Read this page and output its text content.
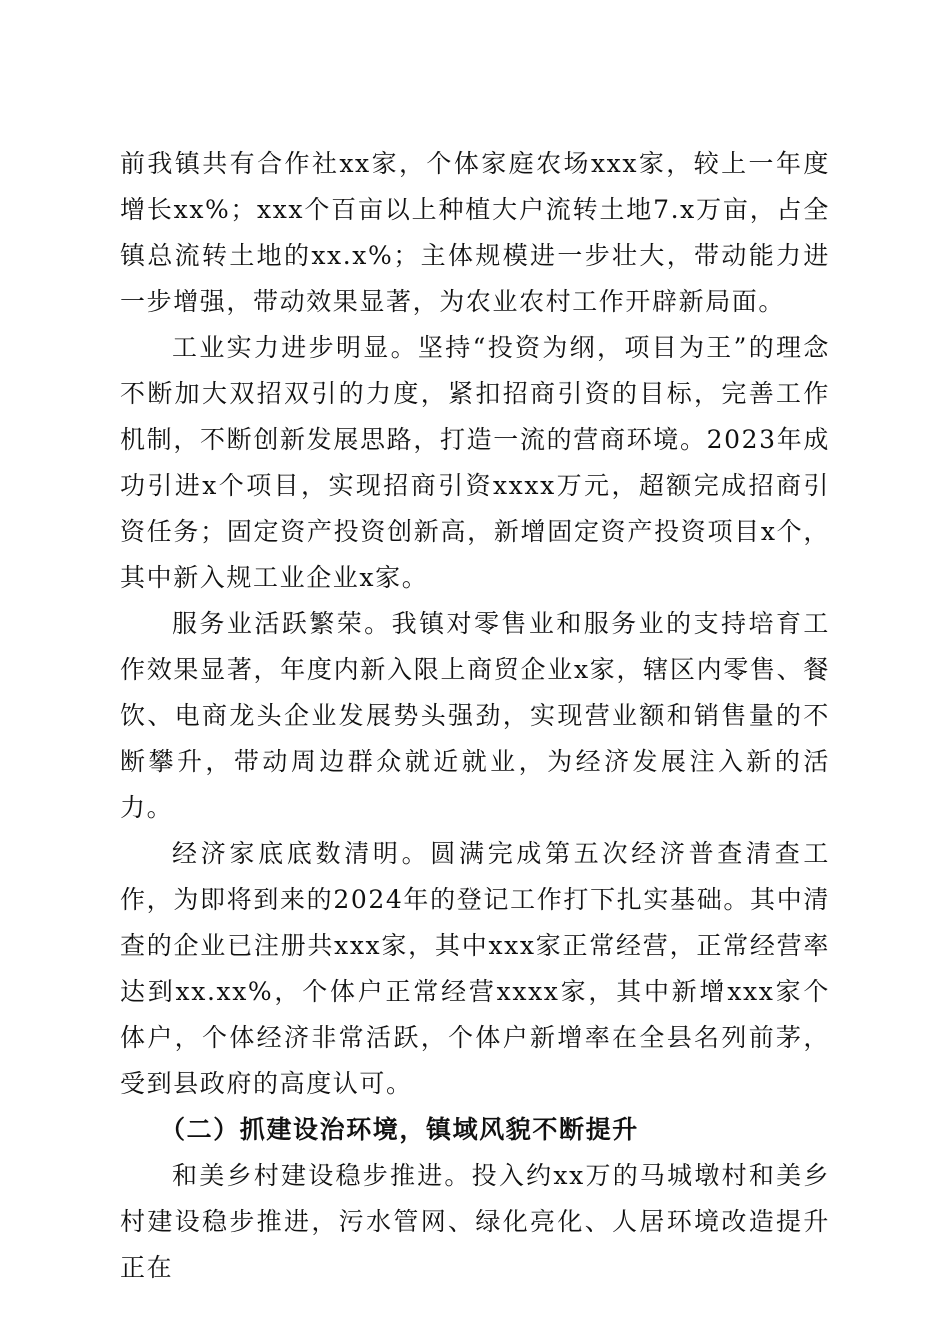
前我镇共有合作社xx家，个体家庭农场xxx家，较上一年度增长xx%；xxx个百亩以上种植大户流转土地7.x万亩，占全镇总流转土地的xx.x%；主体规模进一步壮大，带动能力进一步增强，带动效果显著，为农业农村工作开辟新局面。

工业实力进步明显。坚持“投资为纲，项目为王”的理念不断加大双招双引的力度，紧扣招商引资的目标，完善工作机制，不断创新发展思路，打造一流的营商环境。2023年成功引进x个项目，实现招商引资xxxx万元，超额完成招商引资任务；固定资产投资创新高，新增固定资产投资项目x个，其中新入规工业企业x家。

服务业活跃繁荣。我镇对零售业和服务业的支持培育工作效果显著，年度内新入限上商贸企业x家，辖区内零售、餐饮、电商龙头企业发展势头强劲，实现营业额和销售量的不断攀升，带动周边群众就近就业，为经济发展注入新的活力。

经济家底底数清明。圆满完成第五次经济普查清查工作，为即将到来的2024年的登记工作打下扎实基础。其中清查的企业已注册共xxx家，其中xxx家正常经营，正常经营率达到xx.xx%，个体户正常经营xxxx家，其中新增xxx家个体户，个体经济非常活跃，个体户新增率在全县名列前茅，受到县政府的高度认可。

（二）抓建设治环境，镇域风貌不断提升

和美乡村建设稳步推进。投入约xx万的马城墩村和美乡村建设稳步推进，污水管网、绿化亮化、人居环境改造提升正在
